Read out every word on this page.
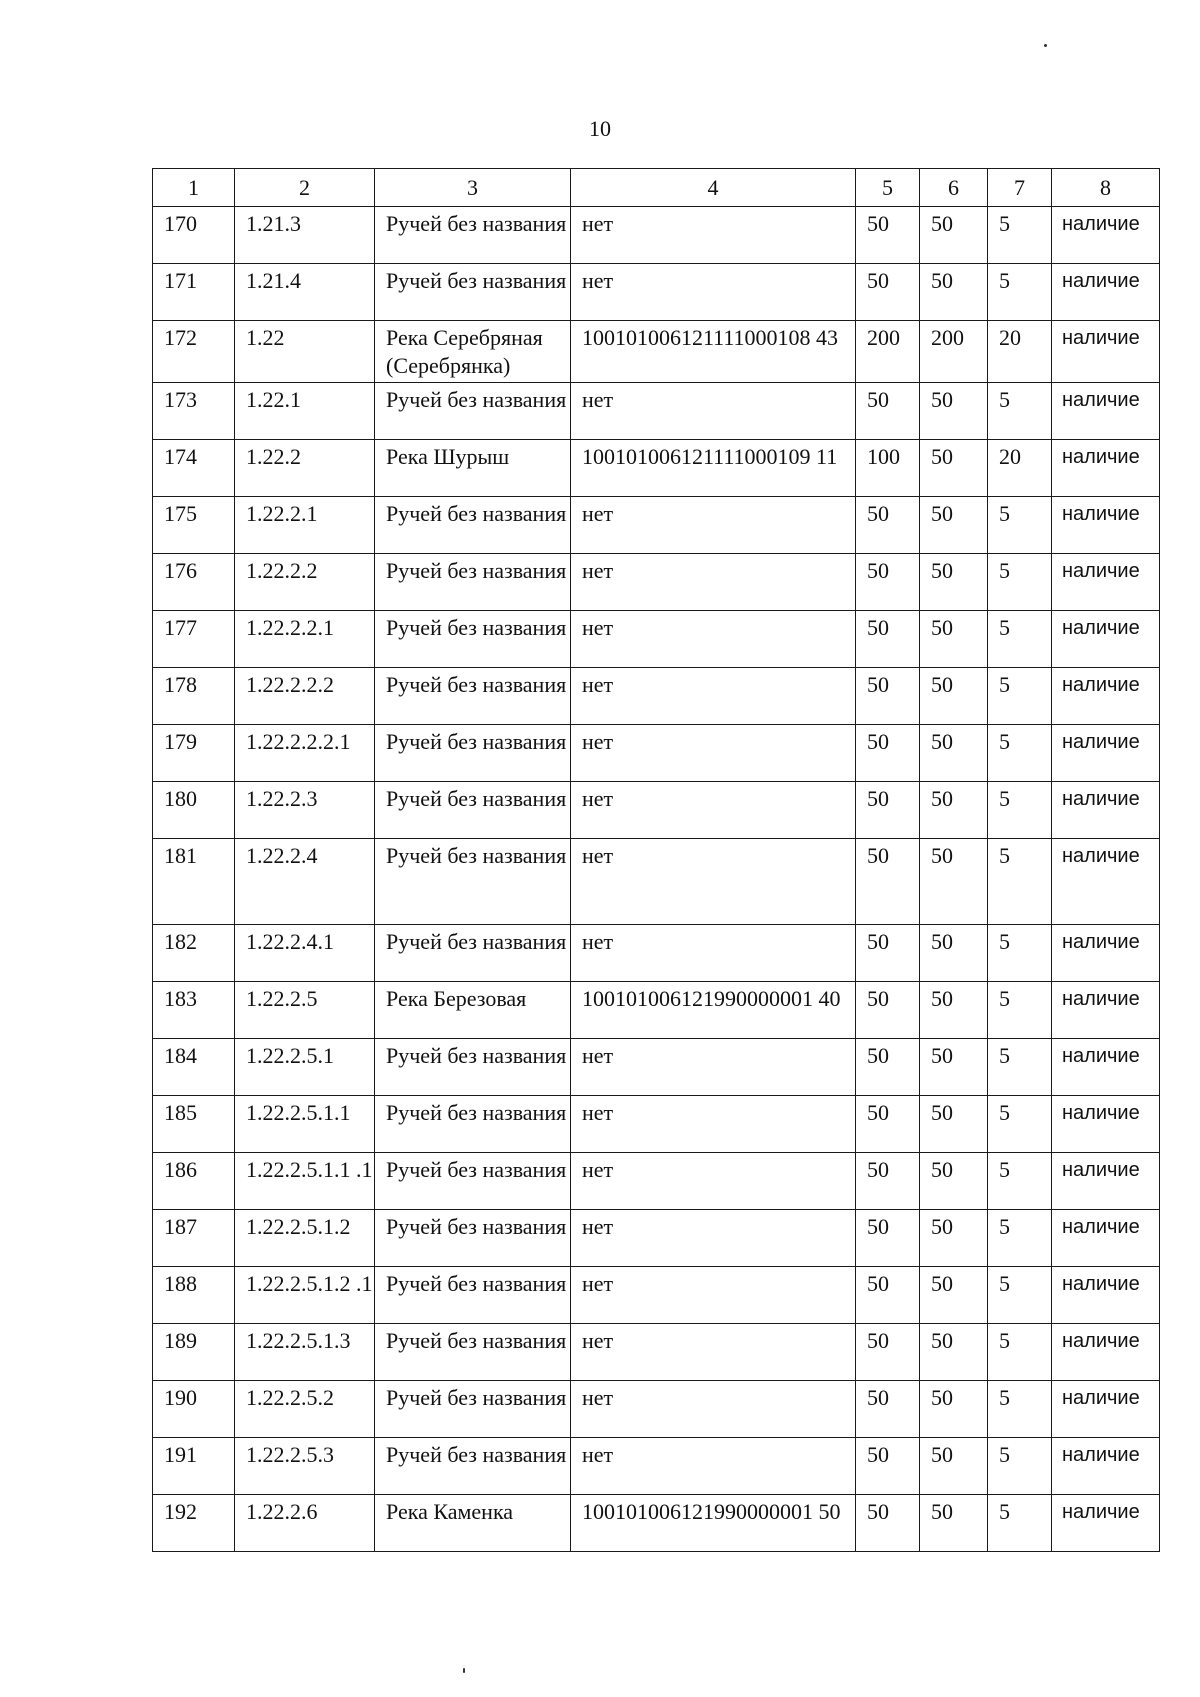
10
1	2	3	4	5	6	7	8
170	1.21.3	Ручей без названия	нет	50	50	5	наличие
171	1.21.4	Ручей без названия	нет	50	50	5	наличие
172	1.22	Река Серебряная (Серебрянка)	100101006121111000108 43	200	200	20	наличие
173	1.22.1	Ручей без названия	нет	50	50	5	наличие
174	1.22.2	Река Шурыш	100101006121111000109 11	100	50	20	наличие
175	1.22.2.1	Ручей без названия	нет	50	50	5	наличие
176	1.22.2.2	Ручей без названия	нет	50	50	5	наличие
177	1.22.2.2.1	Ручей без названия	нет	50	50	5	наличие
178	1.22.2.2.2	Ручей без названия	нет	50	50	5	наличие
179	1.22.2.2.2.1	Ручей без названия	нет	50	50	5	наличие
180	1.22.2.3	Ручей без названия	нет	50	50	5	наличие
181	1.22.2.4	Ручей без названия	нет	50	50	5	наличие
182	1.22.2.4.1	Ручей без названия	нет	50	50	5	наличие
183	1.22.2.5	Река Березовая	100101006121990000001 40	50	50	5	наличие
184	1.22.2.5.1	Ручей без названия	нет	50	50	5	наличие
185	1.22.2.5.1.1	Ручей без названия	нет	50	50	5	наличие
186	1.22.2.5.1.1 .1	Ручей без названия	нет	50	50	5	наличие
187	1.22.2.5.1.2	Ручей без названия	нет	50	50	5	наличие
188	1.22.2.5.1.2 .1	Ручей без названия	нет	50	50	5	наличие
189	1.22.2.5.1.3	Ручей без названия	нет	50	50	5	наличие
190	1.22.2.5.2	Ручей без названия	нет	50	50	5	наличие
191	1.22.2.5.3	Ручей без названия	нет	50	50	5	наличие
192	1.22.2.6	Река Каменка	100101006121990000001 50	50	50	5	наличие
